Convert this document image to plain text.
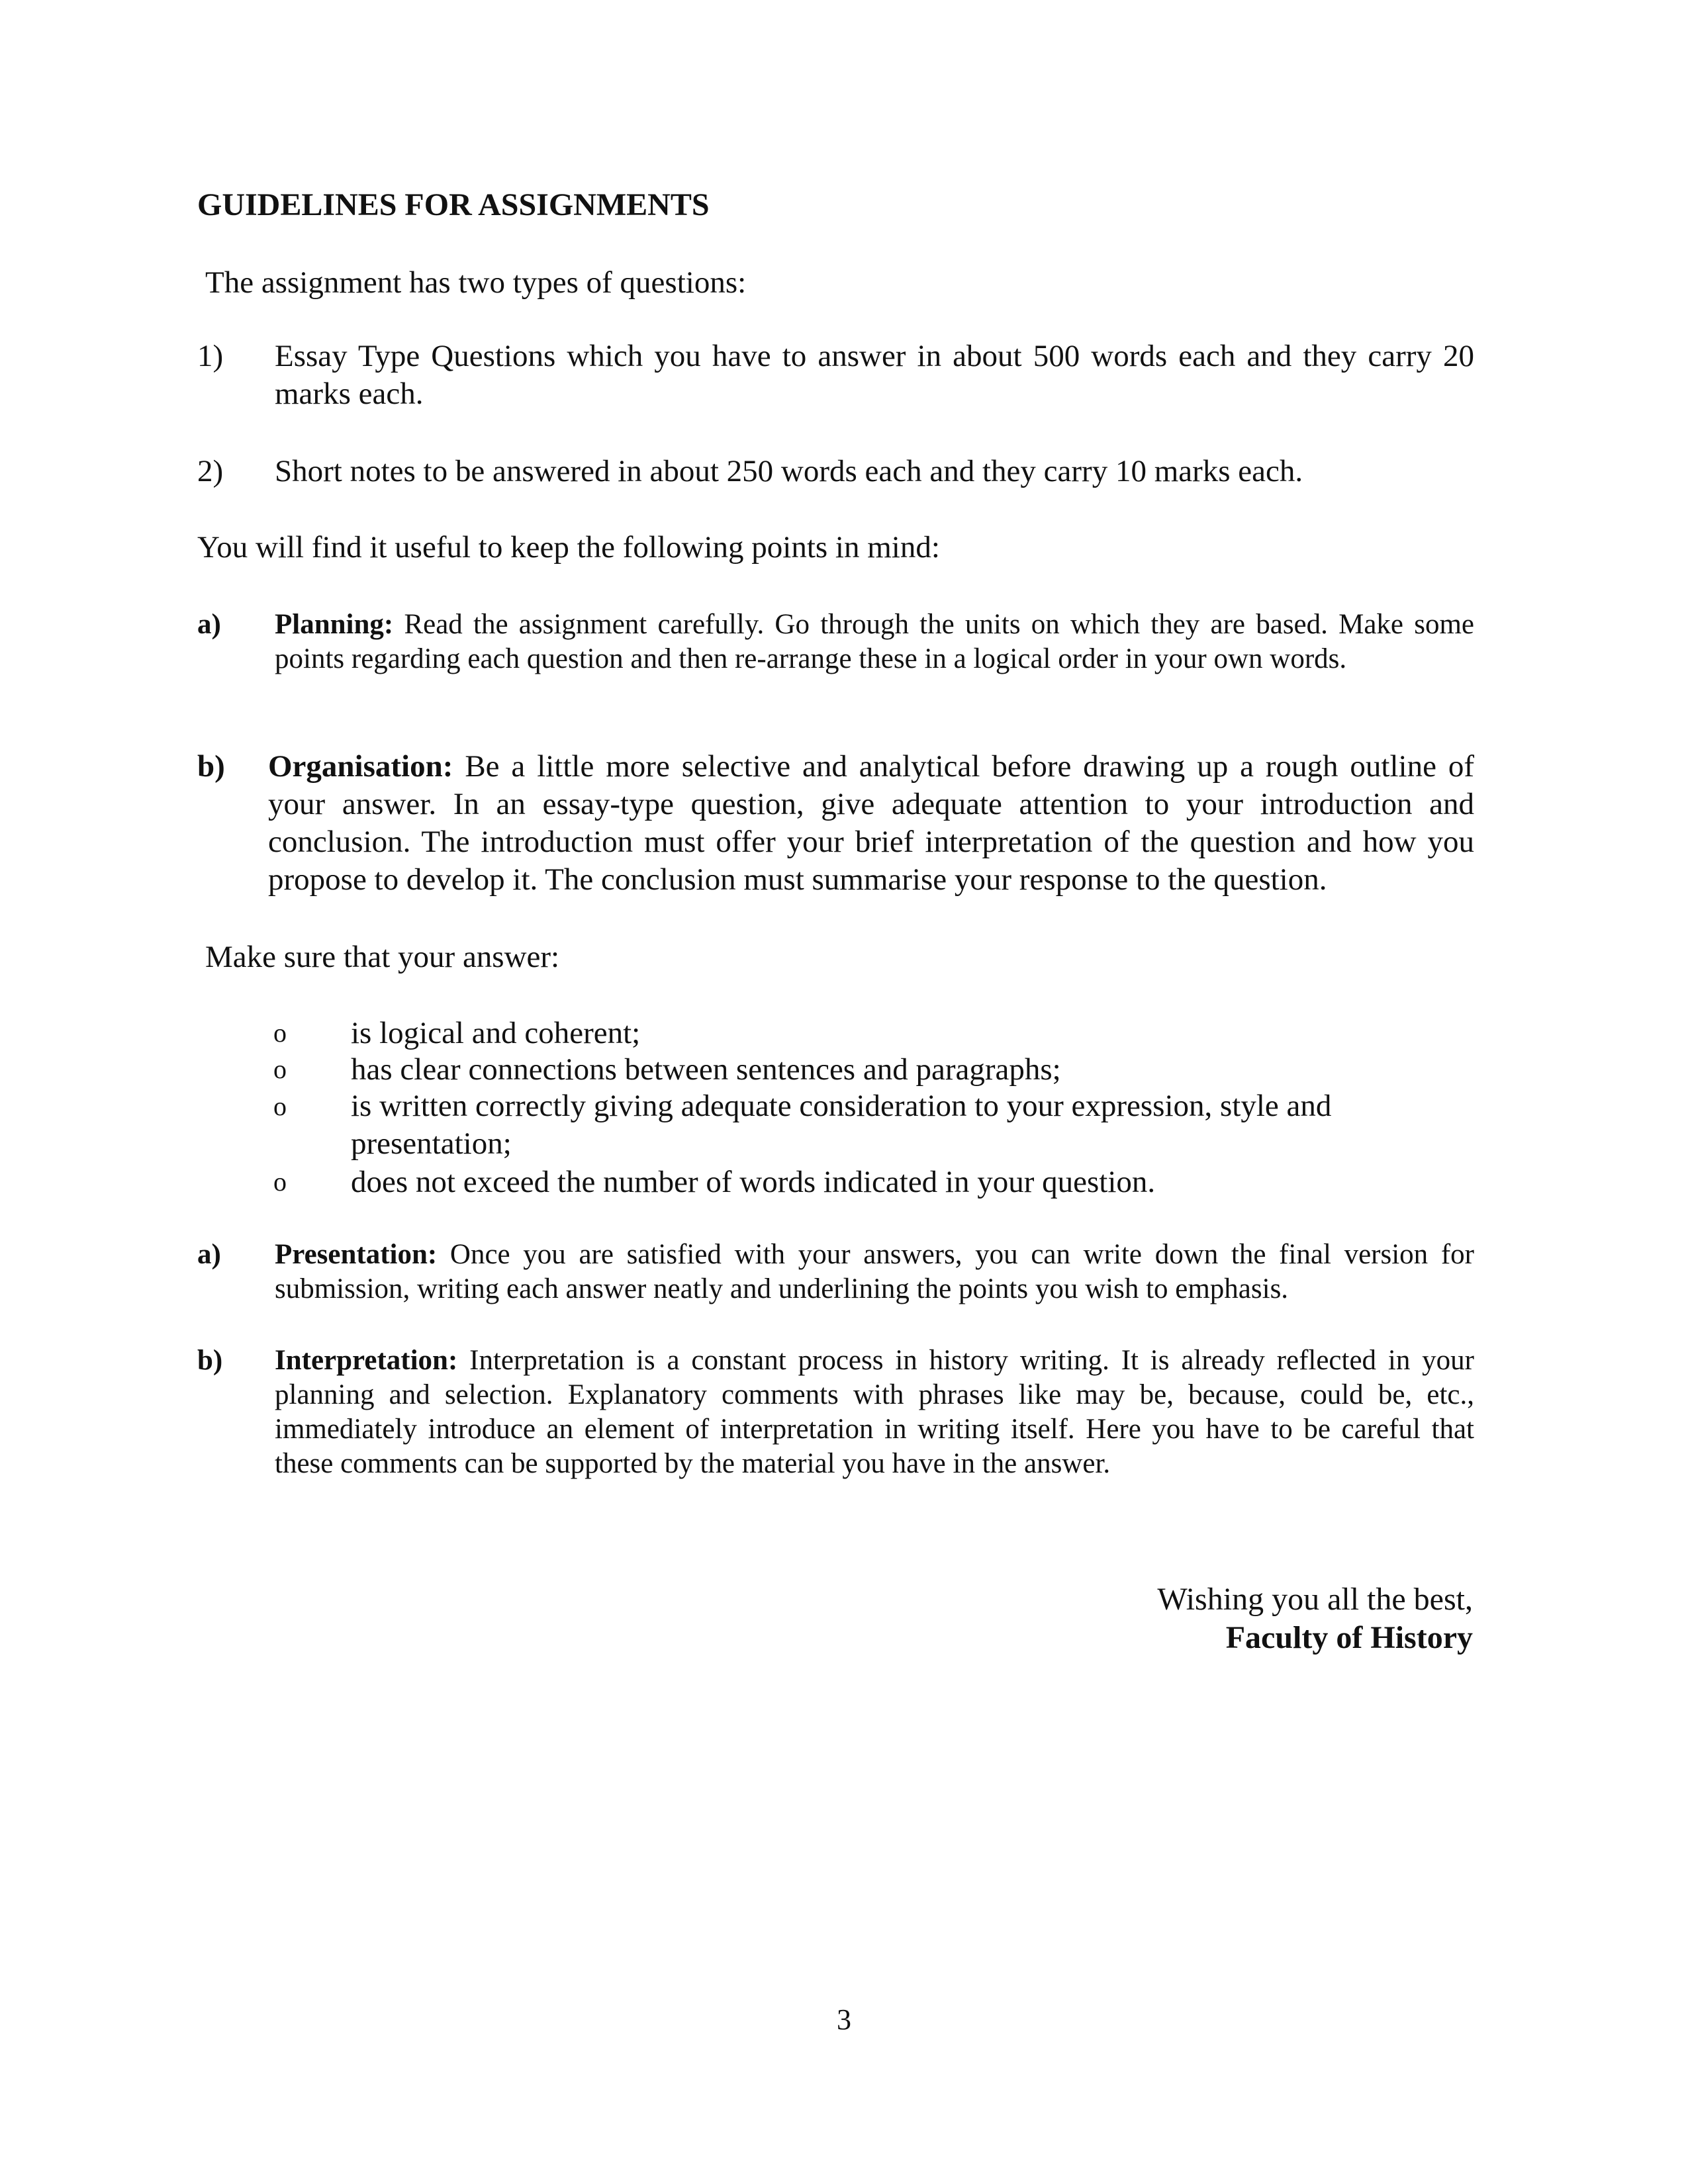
GUIDELINES FOR ASSIGNMENTS
The assignment has two types of questions:
1) Essay Type Questions which you have to answer in about 500 words each and they carry 20 marks each.
2) Short notes to be answered in about 250 words each and they carry 10 marks each.
You will find it useful to keep the following points in mind:
a) Planning: Read the assignment carefully. Go through the units on which they are based. Make some points regarding each question and then re-arrange these in a logical order in your own words.
b) Organisation: Be a little more selective and analytical before drawing up a rough outline of your answer. In an essay-type question, give adequate attention to your introduction and conclusion. The introduction must offer your brief interpretation of the question and how you propose to develop it. The conclusion must summarise your response to the question.
Make sure that your answer:
o is logical and coherent;
o has clear connections between sentences and paragraphs;
o is written correctly giving adequate consideration to your expression, style and presentation;
o does not exceed the number of words indicated in your question.
a) Presentation: Once you are satisfied with your answers, you can write down the final version for submission, writing each answer neatly and underlining the points you wish to emphasis.
b) Interpretation: Interpretation is a constant process in history writing. It is already reflected in your planning and selection. Explanatory comments with phrases like may be, because, could be, etc., immediately introduce an element of interpretation in writing itself. Here you have to be careful that these comments can be supported by the material you have in the answer.
Wishing you all the best,
Faculty of History
3
